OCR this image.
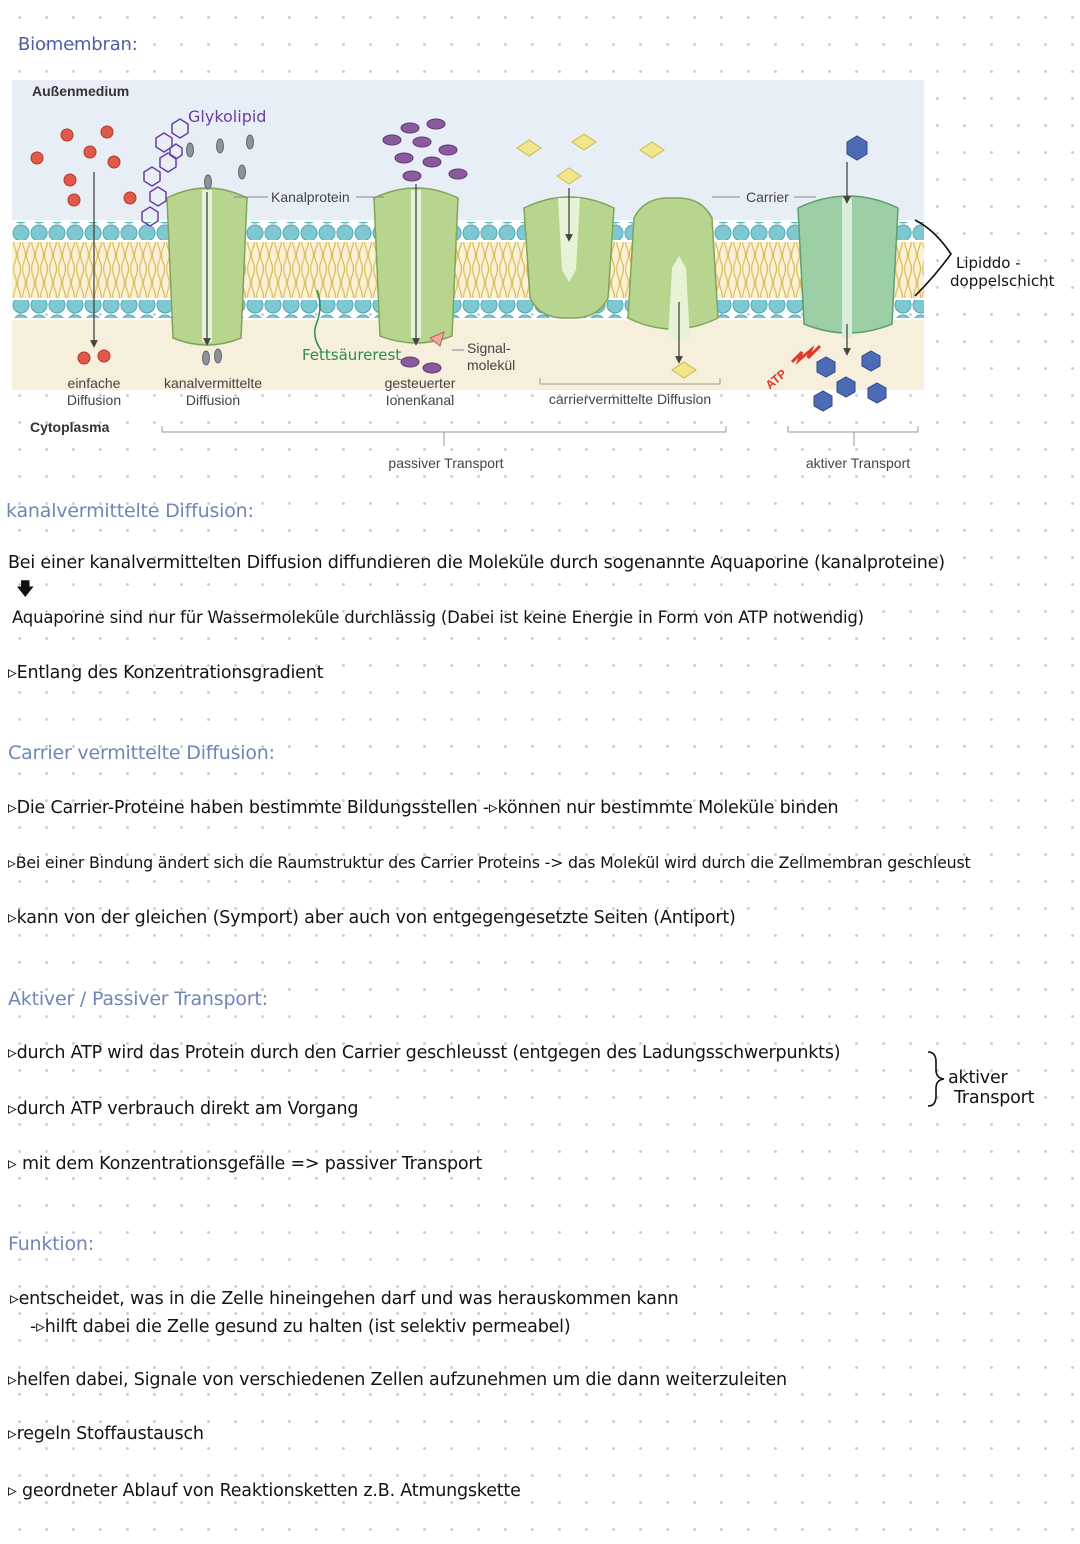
Biomembran:
ATP
Außenmedium
Cytoplasma
Glykolipid
Kanalprotein	Carrier
Lipiddo -
doppelschicht
Fettsäurerest	Signal-
molekül
einfache
Diffusion
kanalvermittelte
Diffusion
gesteuerter
Ionenkanal	carriervermittelte Diffusion
passiver Transport	aktiver Transport
kanalvermittelte Diffusion:
Bei einer kanalvermittelten Diffusion diffundieren die Moleküle durch sogenannte Aquaporine (kanalproteine)
🡇
Aquaporine sind nur für Wassermoleküle durchlässig (Dabei ist keine Energie in Form von ATP notwendig)
▹Entlang des Konzentrationsgradient
Carrier vermittelte Diffusion:
▹Die Carrier-Proteine haben bestimmte Bildungsstellen -▹können nur bestimmte Moleküle binden
▹Bei einer Bindung ändert sich die Raumstruktur des Carrier Proteins -> das Molekül wird durch die Zellmembran geschleust
▹kann von der gleichen (Symport) aber auch von entgegengesetzte Seiten (Antiport)
Aktiver / Passiver Transport:
▹durch ATP wird das Protein durch den Carrier geschleusst (entgegen des Ladungsschwerpunkts)
▹durch ATP verbrauch direkt am Vorgang
▹ mit dem Konzentrationsgefälle => passiver Transport
aktiver
Transport
Funktion:
▹entscheidet, was in die Zelle hineingehen darf und was herauskommen kann
-▹hilft dabei die Zelle gesund zu halten (ist selektiv permeabel)
▹helfen dabei, Signale von verschiedenen Zellen aufzunehmen um die dann weiterzuleiten
▹regeln Stoffaustausch
▹ geordneter Ablauf von Reaktionsketten z.B. Atmungskette
